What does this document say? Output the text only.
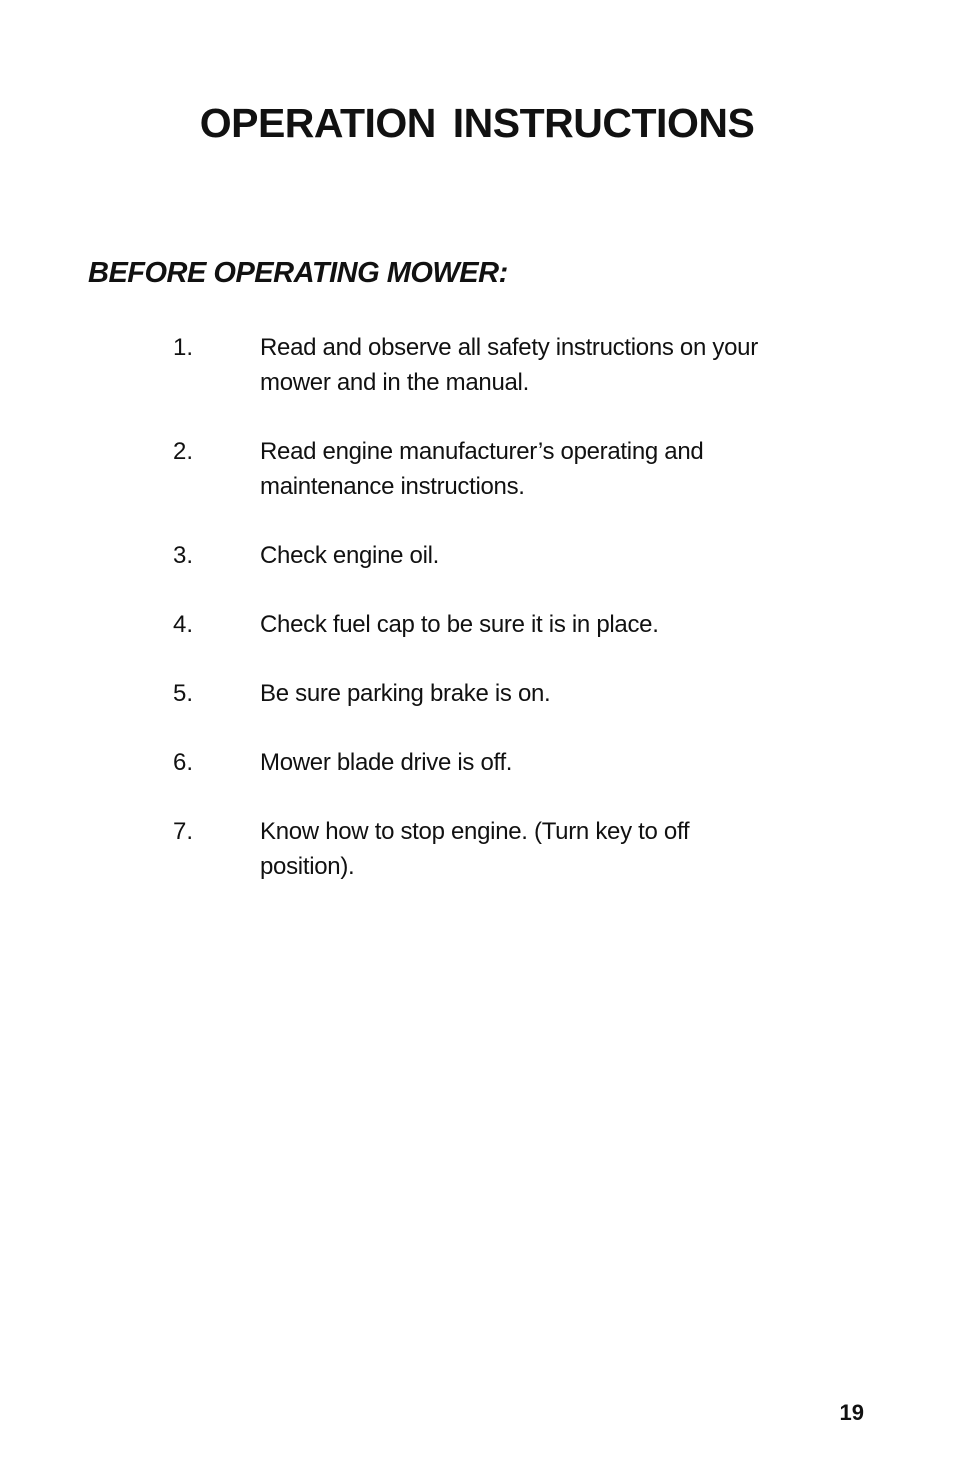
OPERATION INSTRUCTIONS
BEFORE OPERATING MOWER:
1.	Read and observe all safety instructions on your mower and in the manual.
2.	Read engine manufacturer’s operating and maintenance instructions.
3.	Check engine oil.
4.	Check fuel cap to be sure it is in place.
5.	Be sure parking brake is on.
6.	Mower blade drive is off.
7.	Know how to stop engine. (Turn key to off position).
19
